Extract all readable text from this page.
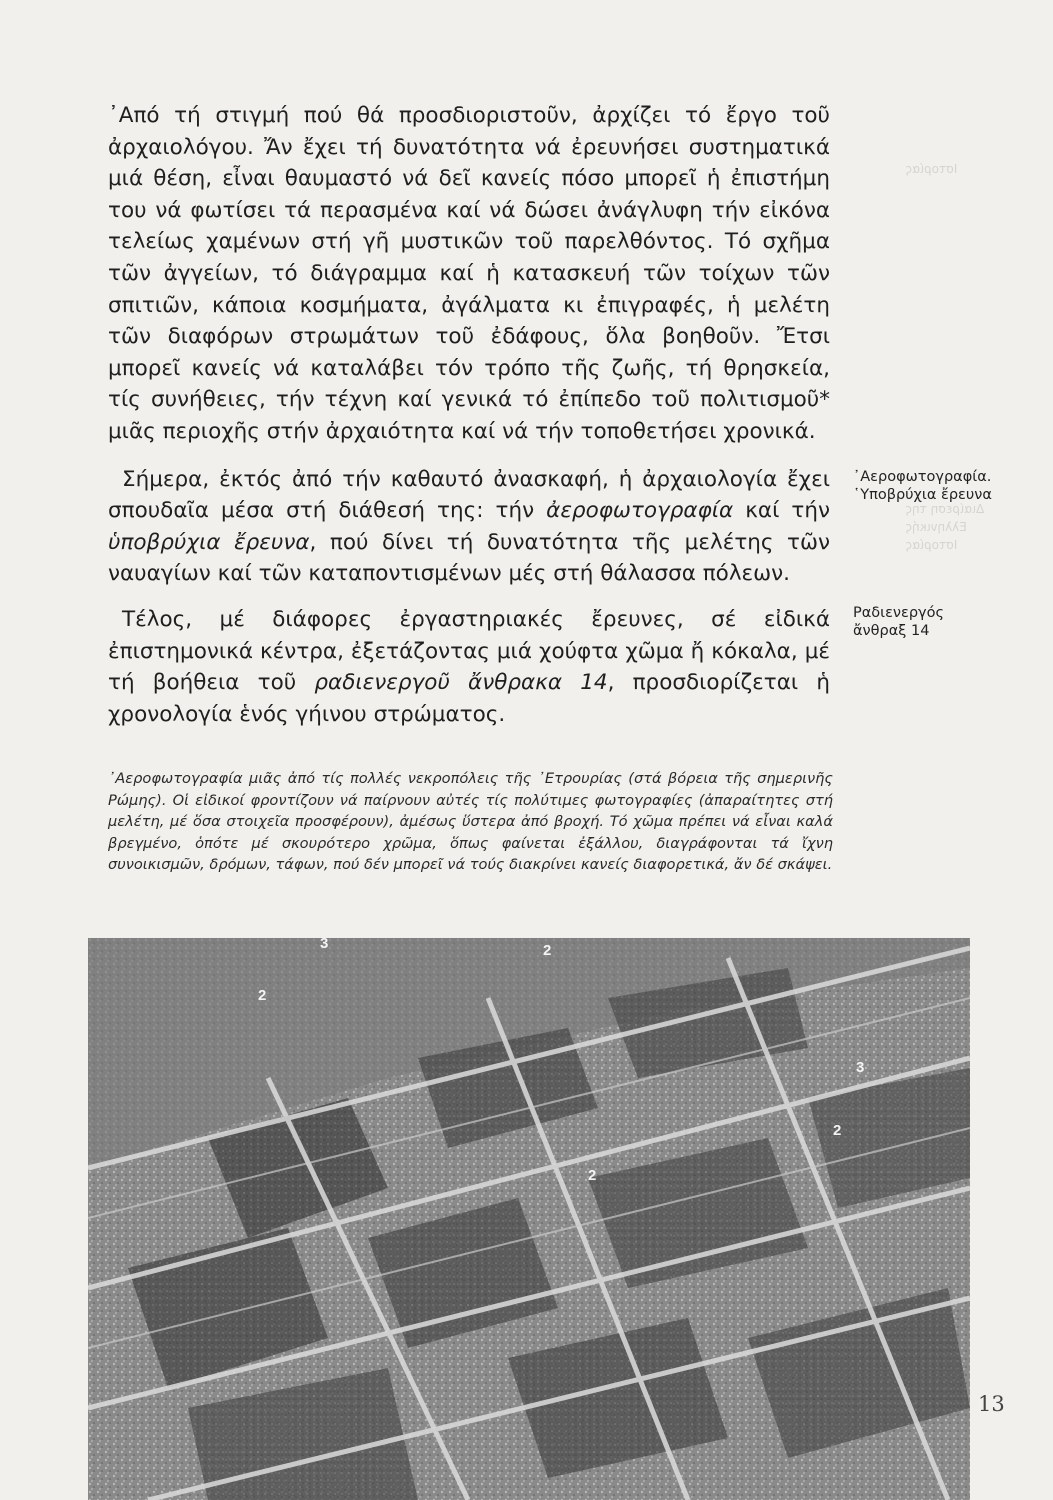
Ιστορίας
Διαίρεση της Ελληνικής Ιστορίας

᾿Από τή στιγμή πού θά προσδιοριστοῦν, ἀρχίζει τό ἔργο τοῦ ἀρχαιολόγου. Ἄν ἔχει τή δυνατότητα νά ἐρευνήσει συστηματικά μιά θέση, εἶναι θαυμαστό νά δεῖ κανείς πόσο μπορεῖ ἡ ἐπιστήμη του νά φωτίσει τά περασμένα καί νά δώσει ἀνάγλυφη τήν εἰκόνα τελείως χαμένων στή γῆ μυστικῶν τοῦ παρελθόντος. Τό σχῆμα τῶν ἀγγείων, τό διάγραμμα καί ἡ κατασκευή τῶν τοίχων τῶν σπιτιῶν, κάποια κοσμήματα, ἀγάλματα κι ἐπιγραφές, ἡ μελέτη τῶν διαφόρων στρωμάτων τοῦ ἐδάφους, ὅλα βοηθοῦν. Ἔτσι μπορεῖ κανείς νά καταλάβει τόν τρόπο τῆς ζωῆς, τή θρησκεία, τίς συνήθειες, τήν τέχνη καί γενικά τό ἐπίπεδο τοῦ πολιτισμοῦ* μιᾶς περιοχῆς στήν ἀρχαιότητα καί νά τήν τοποθετήσει χρονικά.

Σήμερα, ἐκτός ἀπό τήν καθαυτό ἀνασκαφή, ἡ ἀρχαιολογία ἔχει σπουδαῖα μέσα στή διάθεσή της: τήν ἀεροφωτογραφία καί τήν ὑποβρύχια ἔρευνα, πού δίνει τή δυνατότητα τῆς μελέτης τῶν ναυαγίων καί τῶν καταποντισμένων μές στή θάλασσα πόλεων.

Τέλος, μέ διάφορες ἐργαστηριακές ἔρευνες, σέ εἰδικά ἐπιστημονικά κέντρα, ἐξετάζοντας μιά χούφτα χῶμα ἤ κόκαλα, μέ τή βοήθεια τοῦ ραδιενεργοῦ ἄνθρακα 14, προσδιορίζεται ἡ χρονολογία ἑνός γήινου στρώματος.

᾿Αεροφωτογραφία. ῾Υποβρύχια ἔρευνα
Ραδιενεργός ἄνθραξ 14
᾿Αεροφωτογραφία μιᾶς ἀπό τίς πολλές νεκροπόλεις τῆς ᾿Ετρουρίας (στά βόρεια τῆς σημερινῆς Ρώμης). Οἱ εἰδικοί φροντίζουν νά παίρνουν αὐτές τίς πολύτιμες φωτογραφίες (ἀπαραίτητες στή μελέτη, μέ ὅσα στοιχεῖα προσφέρουν), ἀμέσως ὕστερα ἀπό βροχή. Τό χῶμα πρέπει νά εἶναι καλά βρεγμένο, ὁπότε μέ σκουρότερο χρῶμα, ὅπως φαίνεται ἐξάλλου, διαγράφονται τά ἴχνη συνοικισμῶν, δρόμων, τάφων, πού δέν μπορεῖ νά τούς διακρίνει κανείς διαφορετικά, ἄν δέ σκάψει.
3
2
2
3
2
2
13
